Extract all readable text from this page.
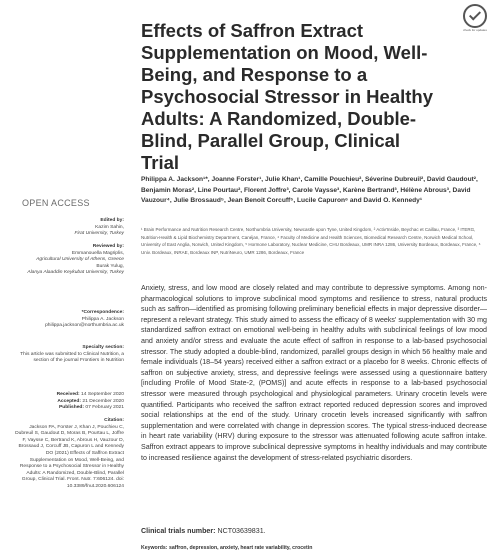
check for updates
Effects of Saffron Extract Supplementation on Mood, Well-Being, and Response to a Psychosocial Stressor in Healthy Adults: A Randomized, Double-Blind, Parallel Group, Clinical Trial

Philippa A. Jackson¹*, Joanne Forster¹, Julie Khan¹, Camille Pouchieu², Séverine Dubreuil², David Gaudout², Benjamin Moras², Line Pourtau², Florent Joffre³, Carole Vaysse³, Karène Bertrand³, Hélène Abrous³, David Vauzour⁴, Julie Brossaud⁵, Jean Benoit Corcuff⁵, Lucile Capuron⁶ and David O. Kennedy¹

¹ Brain Performance and Nutrition Research Centre, Northumbria University, Newcastle upon Tyne, United Kingdom, ² Activ'Inside, Beychac et Caillau, France, ³ ITERG, Nutrition-Health & Lipid Biochemistry Department, Canéjan, France, ⁴ Faculty of Medicine and Health Sciences, Biomedical Research Centre, Norwich Medical School, University of East Anglia, Norwich, United Kingdom, ⁵ Hormone Laboratory, Nuclear Medicine, CHU Bordeaux, UMR INRA 1286, University Bordeaux, Bordeaux, France, ⁶ Univ. Bordeaux, INRAE, Bordeaux INP, NutriNeuro, UMR 1286, Bordeaux, France

OPEN ACCESS
Edited by:
Kazim Sahin,
Firat University, Turkey
Reviewed by:
Emmanouella Magriplis,
Agricultural University of Athens, Greece
Burak Yulug,
Alanya Alaaddin Keykubat University, Turkey
*Correspondence:
Philippa A. Jackson
philippa.jackson@northumbria.ac.uk
Specialty section:
This article was submitted to Clinical Nutrition, a section of the journal Frontiers in Nutrition
Received: 14 September 2020
Accepted: 21 December 2020
Published: 07 February 2021
Citation:
Jackson PA, Forster J, Khan J, Pouchieu C, Dubreuil S, Gaudout D, Moras B, Pourtau L, Joffre F, Vaysse C, Bertrand K, Abrous H, Vauzour D, Brossaud J, Corcuff JB, Capuron L and Kennedy DO (2021) Effects of Saffron Extract Supplementation on Mood, Well-Being, and Response to a Psychosocial Stressor in Healthy Adults: A Randomized, Double-Blind, Parallel Group, Clinical Trial. Front. Nutr. 7:606124. doi: 10.3389/fnut.2020.606124

Anxiety, stress, and low mood are closely related and may contribute to depressive symptoms. Among non-pharmacological solutions to improve subclinical mood symptoms and resilience to stress, natural products such as saffron—identified as promising following preliminary beneficial effects in major depressive disorder—represent a relevant strategy. This study aimed to assess the efficacy of 8 weeks' supplementation with 30 mg standardized saffron extract on emotional well-being in healthy adults with subclinical feelings of low mood and anxiety and/or stress and evaluate the acute effect of saffron in response to a lab-based psychosocial stressor. The study adopted a double-blind, randomized, parallel groups design in which 56 healthy male and female individuals (18–54 years) received either a saffron extract or a placebo for 8 weeks. Chronic effects of saffron on subjective anxiety, stress, and depressive feelings were assessed using a questionnaire battery [including Profile of Mood State-2, (POMS)] and acute effects in response to a lab-based psychosocial stressor were measured through psychological and physiological parameters. Urinary crocetin levels were quantified. Participants who received the saffron extract reported reduced depression scores and improved social relationships at the end of the study. Urinary crocetin levels increased significantly with saffron supplementation and were correlated with change in depression scores. The typical stress-induced decrease in heart rate variability (HRV) during exposure to the stressor was attenuated following acute saffron intake. Saffron extract appears to improve subclinical depressive symptoms in healthy individuals and may contribute to increased resilience against the development of stress-related psychiatric disorders.

Clinical trials number: NCT03639831.

Keywords: saffron, depression, anxiety, heart rate variability, crocetin
